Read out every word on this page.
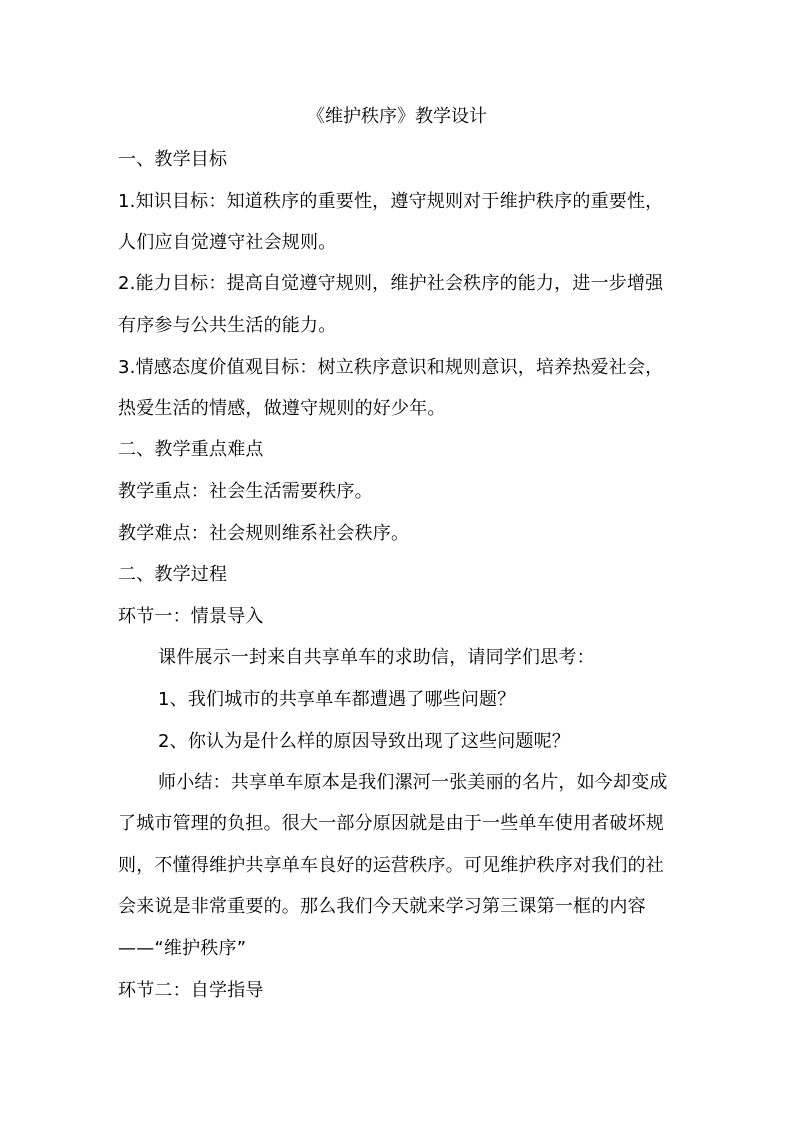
《维护秩序》教学设计
一、教学目标
1.知识目标：知道秩序的重要性，遵守规则对于维护秩序的重要性，
人们应自觉遵守社会规则。
2.能力目标：提高自觉遵守规则，维护社会秩序的能力，进一步增强
有序参与公共生活的能力。
3.情感态度价值观目标：树立秩序意识和规则意识，培养热爱社会，
热爱生活的情感，做遵守规则的好少年。
二、教学重点难点
教学重点：社会生活需要秩序。
教学难点：社会规则维系社会秩序。
二、教学过程
环节一：情景导入
课件展示一封来自共享单车的求助信，请同学们思考：
1、我们城市的共享单车都遭遇了哪些问题？
2、你认为是什么样的原因导致出现了这些问题呢？
师小结：共享单车原本是我们漯河一张美丽的名片，如今却变成
了城市管理的负担。很大一部分原因就是由于一些单车使用者破坏规
则，不懂得维护共享单车良好的运营秩序。可见维护秩序对我们的社
会来说是非常重要的。那么我们今天就来学习第三课第一框的内容
——“维护秩序”
环节二：自学指导
